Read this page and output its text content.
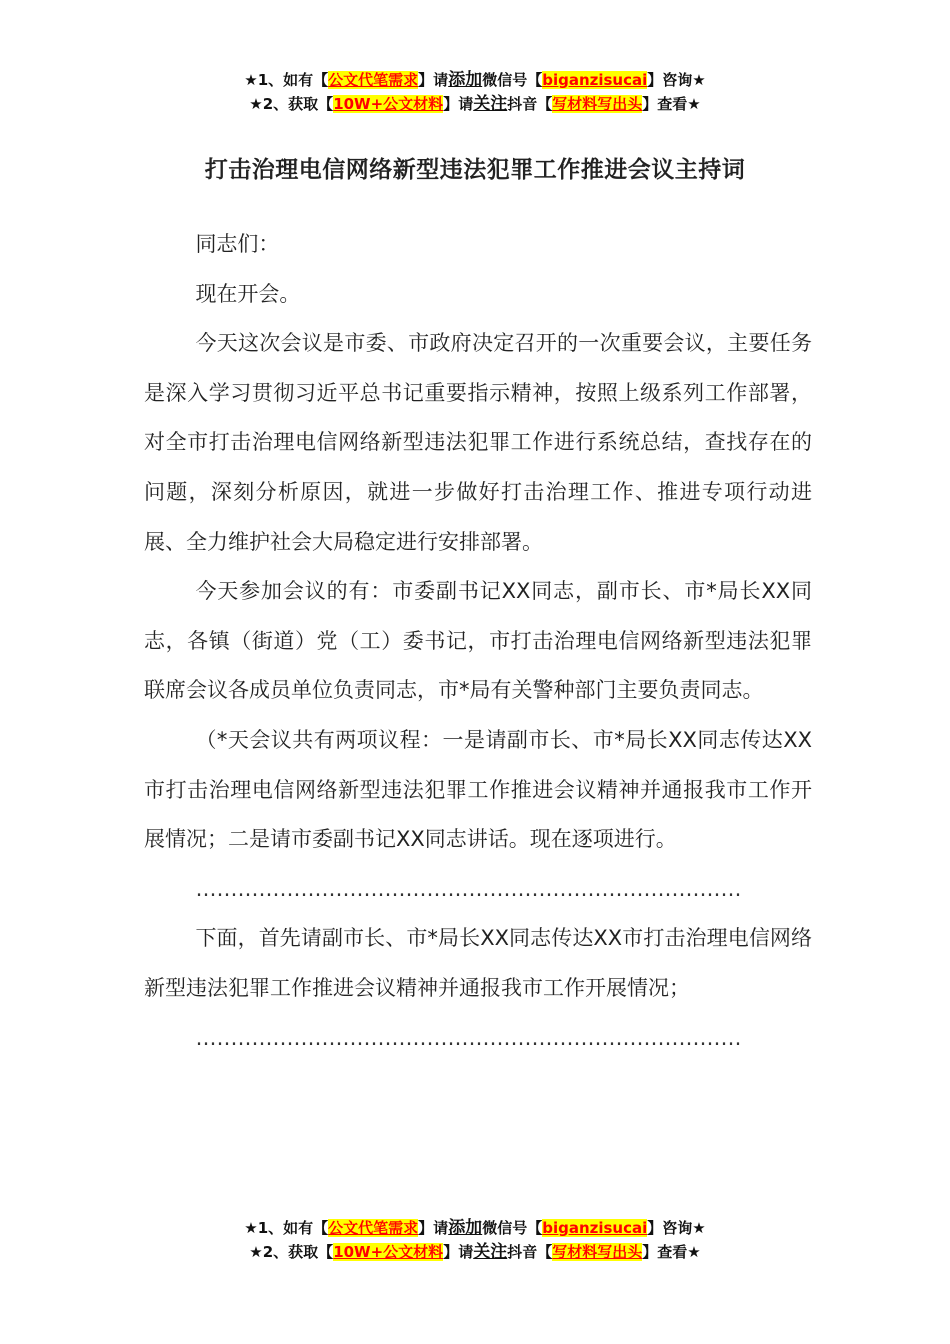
★1、如有【公文代笔需求】请添加微信号【biganzisucai】咨询★
★2、获取【10W+公文材料】请关注抖音【写材料写出头】查看★
打击治理电信网络新型违法犯罪工作推进会议主持词

同志们：

现在开会。

今天这次会议是市委、市政府决定召开的一次重要会议，主要任务是深入学习贯彻习近平总书记重要指示精神，按照上级系列工作部署，对全市打击治理电信网络新型违法犯罪工作进行系统总结，查找存在的问题，深刻分析原因，就进一步做好打击治理工作、推进专项行动进展、全力维护社会大局稳定进行安排部署。

今天参加会议的有：市委副书记XX同志，副市长、市*局长XX同志，各镇（街道）党（工）委书记，市打击治理电信网络新型违法犯罪联席会议各成员单位负责同志，市*局有关警种部门主要负责同志。

（*天会议共有两项议程：一是请副市长、市*局长XX同志传达XX市打击治理电信网络新型违法犯罪工作推进会议精神并通报我市工作开展情况；二是请市委副书记XX同志讲话。现在逐项进行。

……………………………………………………………………

下面，首先请副市长、市*局长XX同志传达XX市打击治理电信网络新型违法犯罪工作推进会议精神并通报我市工作开展情况；

……………………………………………………………………

★1、如有【公文代笔需求】请添加微信号【biganzisucai】咨询★
★2、获取【10W+公文材料】请关注抖音【写材料写出头】查看★
